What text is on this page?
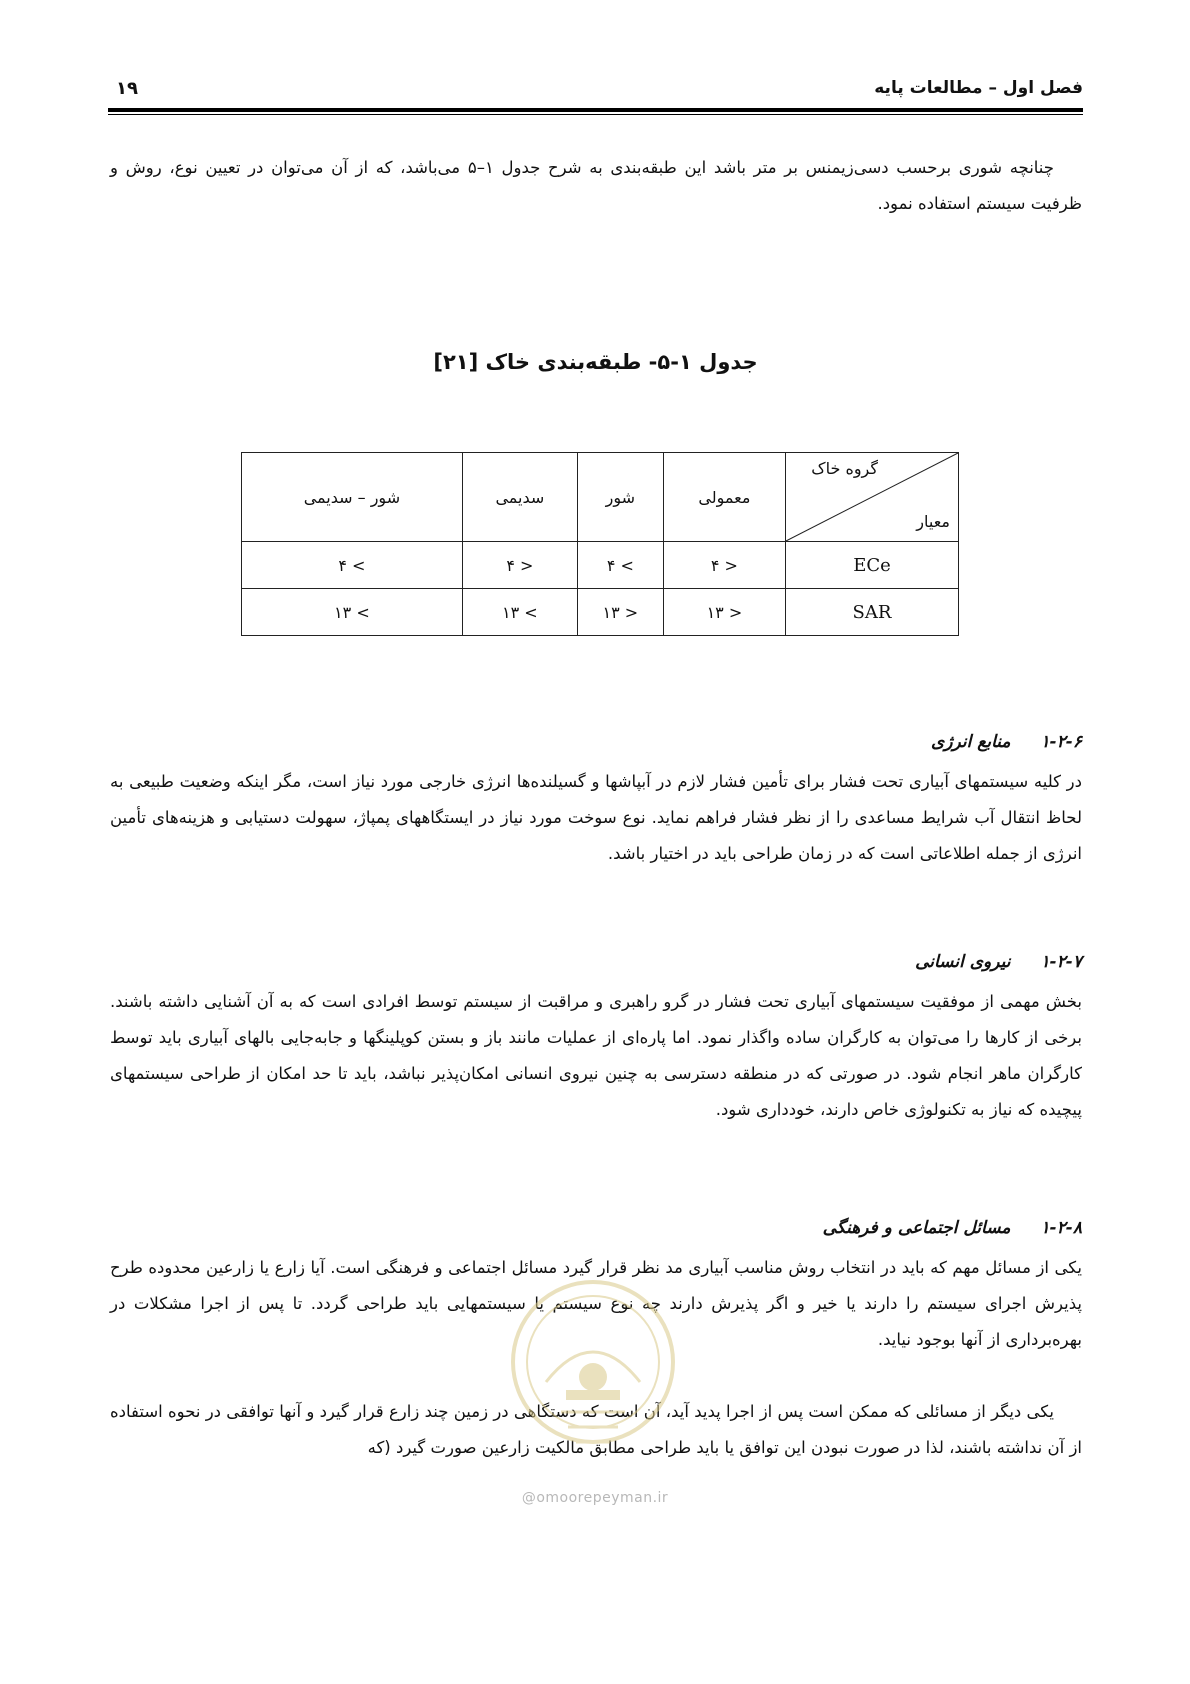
فصل اول – مطالعات پایه
۱۹
چنانچه شوری برحسب دسی‌زیمنس بر متر باشد این طبقه‌بندی به شرح جدول ۱–۵ می‌باشد، که از آن می‌توان در تعیین نوع، روش و ظرفیت سیستم استفاده نمود.
جدول ۱-۵- طبقه‌بندی خاک [۲۱]
گروه خاک
معیار	معمولی	شور	سدیمی	شور – سدیمی
ECe	< ۴	> ۴	< ۴	> ۴
SAR	< ۱۳	< ۱۳	> ۱۳	> ۱۳
۱-۲-۶منابع انرژی
در کلیه سیستمهای آبیاری تحت فشار برای تأمین فشار لازم در آبپاشها و گسیلنده‌ها انرژی خارجی مورد نیاز است، مگر اینکه وضعیت طبیعی به لحاظ انتقال آب شرایط مساعدی را از نظر فشار فراهم نماید. نوع سوخت مورد نیاز در ایستگاههای پمپاژ، سهولت دستیابی و هزینه‌های تأمین انرژی از جمله اطلاعاتی است که در زمان طراحی باید در اختیار باشد.
۱-۲-۷نیروی انسانی
بخش مهمی از موفقیت سیستمهای آبیاری تحت فشار در گرو راهبری و مراقبت از سیستم توسط افرادی است که به آن آشنایی داشته باشند. برخی از کارها را می‌توان به کارگران ساده واگذار نمود. اما پاره‌ای از عملیات مانند باز و بستن کوپلینگها و جابه‌جایی بالهای آبیاری باید توسط کارگران ماهر انجام شود. در صورتی که در منطقه دسترسی به چنین نیروی انسانی امکان‌پذیر نباشد، باید تا حد امکان از طراحی سیستمهای پیچیده که نیاز به تکنولوژی خاص دارند، خودداری شود.
۱-۲-۸مسائل اجتماعی و فرهنگی
یکی از مسائل مهم که باید در انتخاب روش مناسب آبیاری مد نظر قرار گیرد مسائل اجتماعی و فرهنگی است. آیا زارع یا زارعین محدوده طرح پذیرش اجرای سیستم را دارند یا خیر و اگر پذیرش دارند چه نوع سیستم یا سیستمهایی باید طراحی گردد. تا پس از اجرا مشکلات در بهره‌برداری از آنها بوجود نیاید.
یکی دیگر از مسائلی که ممکن است پس از اجرا پدید آید، آن است که دستگاهی در زمین چند زارع قرار گیرد و آنها توافقی در نحوه استفاده از آن نداشته باشند، لذا در صورت نبودن این توافق یا باید طراحی مطابق مالکیت زارعین صورت گیرد (که
@omoorepeyman.ir
